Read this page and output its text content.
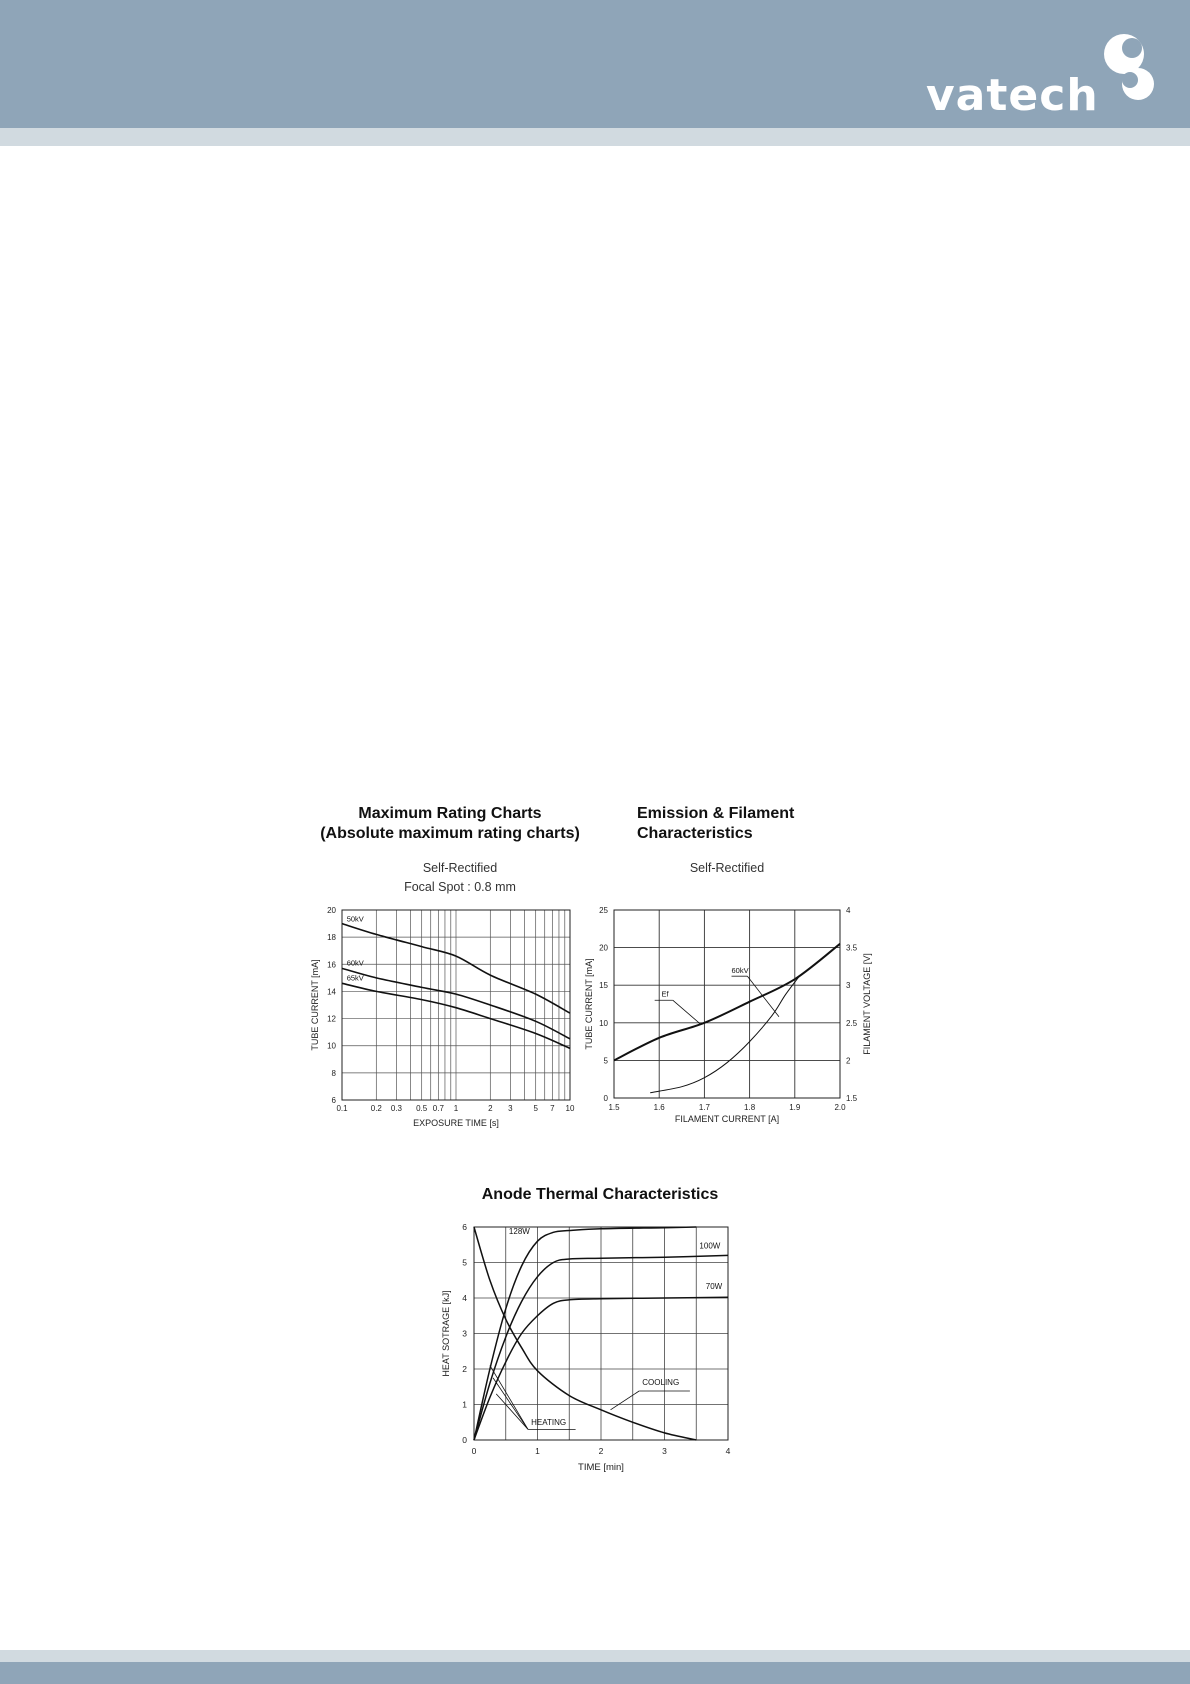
vatech
Maximum Rating Charts
(Absolute maximum rating charts)
Self-Rectified
Focal Spot : 0.8 mm
Emission & Filament
Characteristics
Self-Rectified
Anode Thermal Characteristics
6
8
10
12
14
16
18
20
0.1	0.2 0.3 0.5 0.7 1	2 3	5 7 10
50kV
60kV
65kV
EXPOSURE TIME [s]
TUBE CURRENT [mA]
1.5	1.6	1.7	1.8	1.9	2.0
0
5
10
15
20
25
1.5
2
2.5
3
3.5
4
60kV
Ef
FILAMENT CURRENT [A]
TUBE CURRENT [mA]	FILAMENT VOLTAGE [V]
0	1	2	3	4
0
1
2
3
4
5
6	128W
100W
70W
COOLING
HEATING
TIME [min]
HEAT SOTRAGE [kJ]
